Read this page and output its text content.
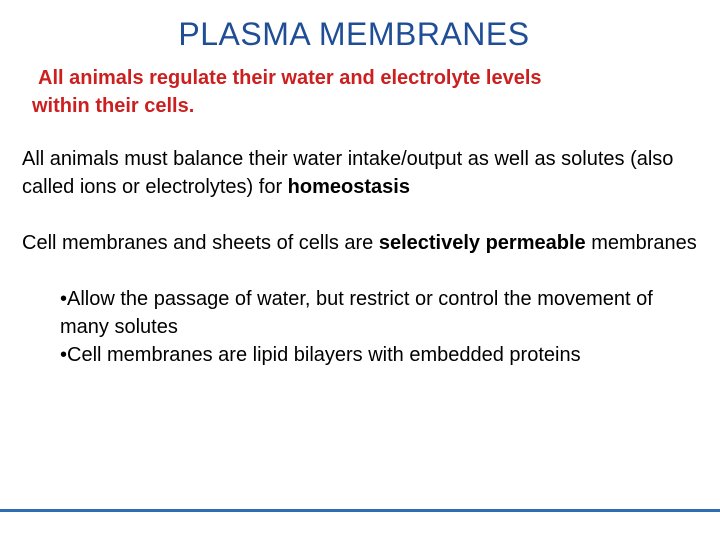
PLASMA MEMBRANES

All animals regulate their water and electrolyte levels
within their cells.

All animals must balance their water intake/output as well as solutes (also called ions or electrolytes) for homeostasis

Cell membranes and sheets of cells are selectively permeable membranes

•Allow the passage of water, but restrict or control the movement of many solutes
•Cell membranes are lipid bilayers with embedded proteins
